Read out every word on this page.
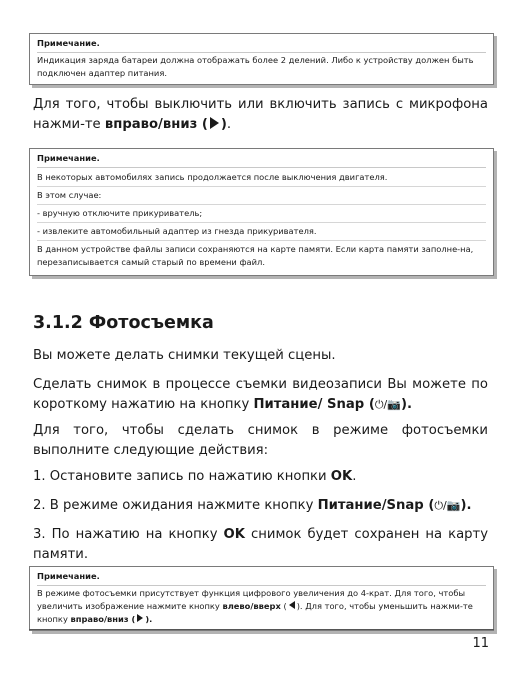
Примечание.

Индикация заряда батареи должна отображать более 2 делений. Либо к устройству должен быть подключен адаптер питания.

Для того, чтобы выключить или включить запись с микрофона нажми-те вправо/вниз ( ).

Примечание.
В некоторых автомобилях запись продолжается после выключения двигателя.
В этом случае:
- вручную отключите прикуриватель;
- извлеките автомобильный адаптер из гнезда прикуривателя.
В данном устройстве файлы записи сохраняются на карте памяти. Если карта памяти заполне-на, перезаписывается самый старый по времени файл.
3.1.2 Фотосъемка

Вы можете делать снимки текущей сцены.

Сделать снимок в процессе съемки видеозаписи Вы можете по короткому нажатию на кнопку Питание/ Snap (⏻/📷).

Для того, чтобы сделать снимок в режиме фотосъемки выполните следующие действия:

1. Остановите запись по нажатию кнопки OK.

2. В режиме ожидания нажмите кнопку Питание/Snap (⏻/📷).

3. По нажатию на кнопку OK снимок будет сохранен на карту памяти.

Примечание.

В режиме фотосъемки присутствует функция цифрового увеличения до 4-крат. Для того, чтобы увеличить изображение нажмите кнопку влево/вверх ( ). Для того, чтобы уменьшить нажми-те кнопку вправо/вниз ( ).

11
